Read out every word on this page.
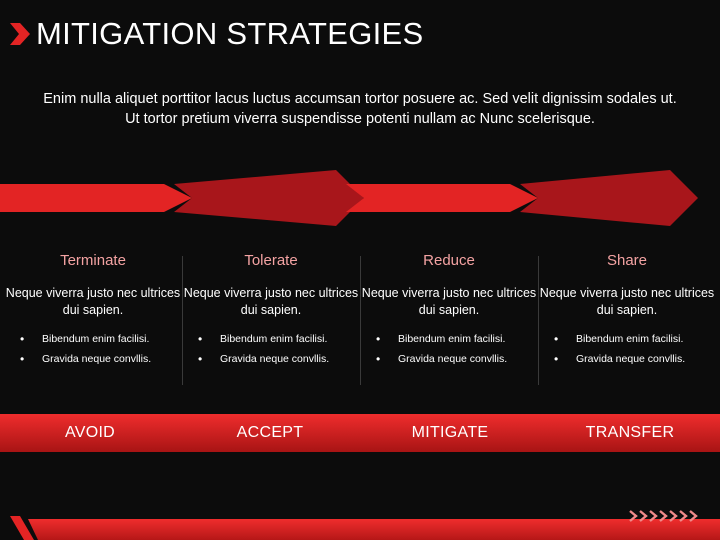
MITIGATION STRATEGIES
Enim nulla aliquet porttitor lacus luctus accumsan tortor posuere ac. Sed velit dignissim sodales ut. Ut tortor pretium viverra suspendisse potenti nullam ac Nunc scelerisque.
Terminate
Neque viverra justo nec ultrices dui sapien.
• Bibendum enim facilisi.
• Gravida neque convllis.
Tolerate
Neque viverra justo nec ultrices dui sapien.
• Bibendum enim facilisi.
• Gravida neque convllis.
Reduce
Neque viverra justo nec ultrices dui sapien.
• Bibendum enim facilisi.
• Gravida neque convllis.
Share
Neque viverra justo nec ultrices dui sapien.
• Bibendum enim facilisi.
• Gravida neque convllis.
AVOID	ACCEPT	MITIGATE	TRANSFER
